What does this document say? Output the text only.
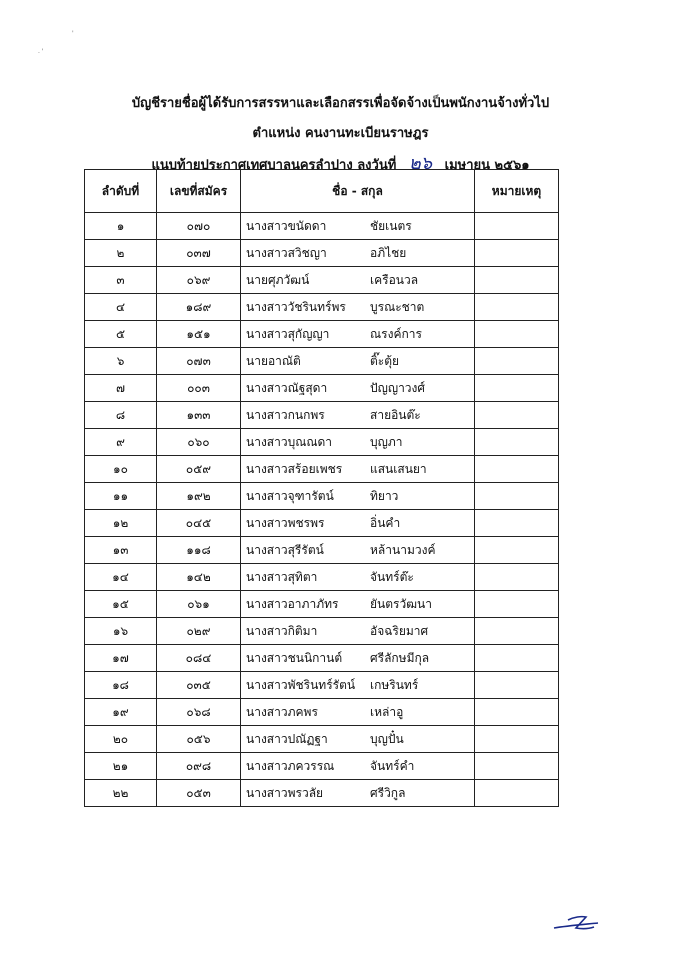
'
. '
บัญชีรายชื่อผู้ได้รับการสรรหาและเลือกสรรเพื่อจัดจ้างเป็นพนักงานจ้างทั่วไป
ตำแหน่ง คนงานทะเบียนราษฎร
แนบท้ายประกาศเทศบาลนครลำปาง ลงวันที่ ๒๖ เมษายน ๒๕๖๑
ลำดับที่	เลขที่สมัคร	ชื่อ - สกุล	หมายเหตุ
๑	๐๗๐	นางสาวขนัดดา ชัยเนตร	
๒	๐๓๗	นางสาวสวิชญา อภิไชย	
๓	๐๖๙	นายศุภวัฒน์ เครือนวล	
๔	๑๘๙	นางสาววัชรินทร์พร บูรณะชาต	
๕	๑๕๑	นางสาวสุกัญญา ณรงค์การ	
๖	๐๗๓	นายอาณัติ ติ๊ะตุ้ย	
๗	๐๐๓	นางสาวณัฐสุดา ปัญญาวงศ์	
๘	๑๓๓	นางสาวกนกพร สายอินต๊ะ	
๙	๐๖๐	นางสาวบุณณดา บุญภา	
๑๐	๐๕๙	นางสาวสร้อยเพชร แสนเสนยา	
๑๑	๑๙๒	นางสาวจุฑารัตน์ ทิยาว	
๑๒	๐๔๕	นางสาวพชรพร อิ่นคำ	
๑๓	๑๑๘	นางสาวสุรีรัตน์ หล้านามวงค์	
๑๔	๑๔๒	นางสาวสุทิตา จันทร์ต๊ะ	
๑๕	๐๖๑	นางสาวอาภาภัทร ยันตรวัฒนา	
๑๖	๐๒๙	นางสาวกิติมา อัจฉริยมาศ	
๑๗	๐๘๔	นางสาวชนนิกานต์ ศรีลักษมีกุล	
๑๘	๐๓๕	นางสาวพัชรินทร์รัตน์ เกษรินทร์	
๑๙	๐๖๘	นางสาวภคพร เหล่าอู	
๒๐	๐๕๖	นางสาวปณัฏฐา บุญปั๋น	
๒๑	๐๙๘	นางสาวภควรรณ จันทร์คำ	
๒๒	๐๕๓	นางสาวพรวลัย ศรีวิกูล	
